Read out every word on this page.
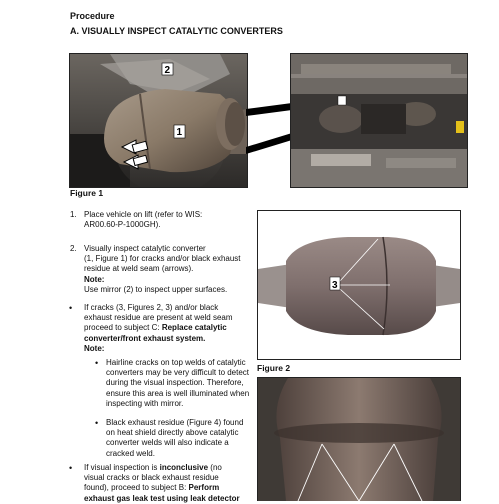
Procedure
A. VISUALLY INSPECT CATALYTIC CONVERTERS
2
1
Figure 1
1. Place vehicle on lift (refer to WIS:

AR00.60-P-1000GH).

2. Visually inspect catalytic converter

(1, Figure 1) for cracks and/or black exhaust

residue at weld seam (arrows).

Note:

Use mirror (2) to inspect upper surfaces.

• If cracks (3, Figures 2, 3) and/or black

exhaust residue are present at weld seam

proceed to subject C: Replace catalytic

converter/front exhaust system.

Note:

• Hairline cracks on top welds of catalytic

converters may be very difficult to detect

during the visual inspection. Therefore,

ensure this area is well illuminated when

inspecting with mirror.

• Black exhaust residue (Figure 4) found

on heat shield directly above catalytic

converter welds will also indicate a

cracked weld.

• If visual inspection is inconclusive (no

visual cracks or black exhaust residue

found), proceed to subject B: Perform

exhaust gas leak test using leak detector

3
Figure 2
